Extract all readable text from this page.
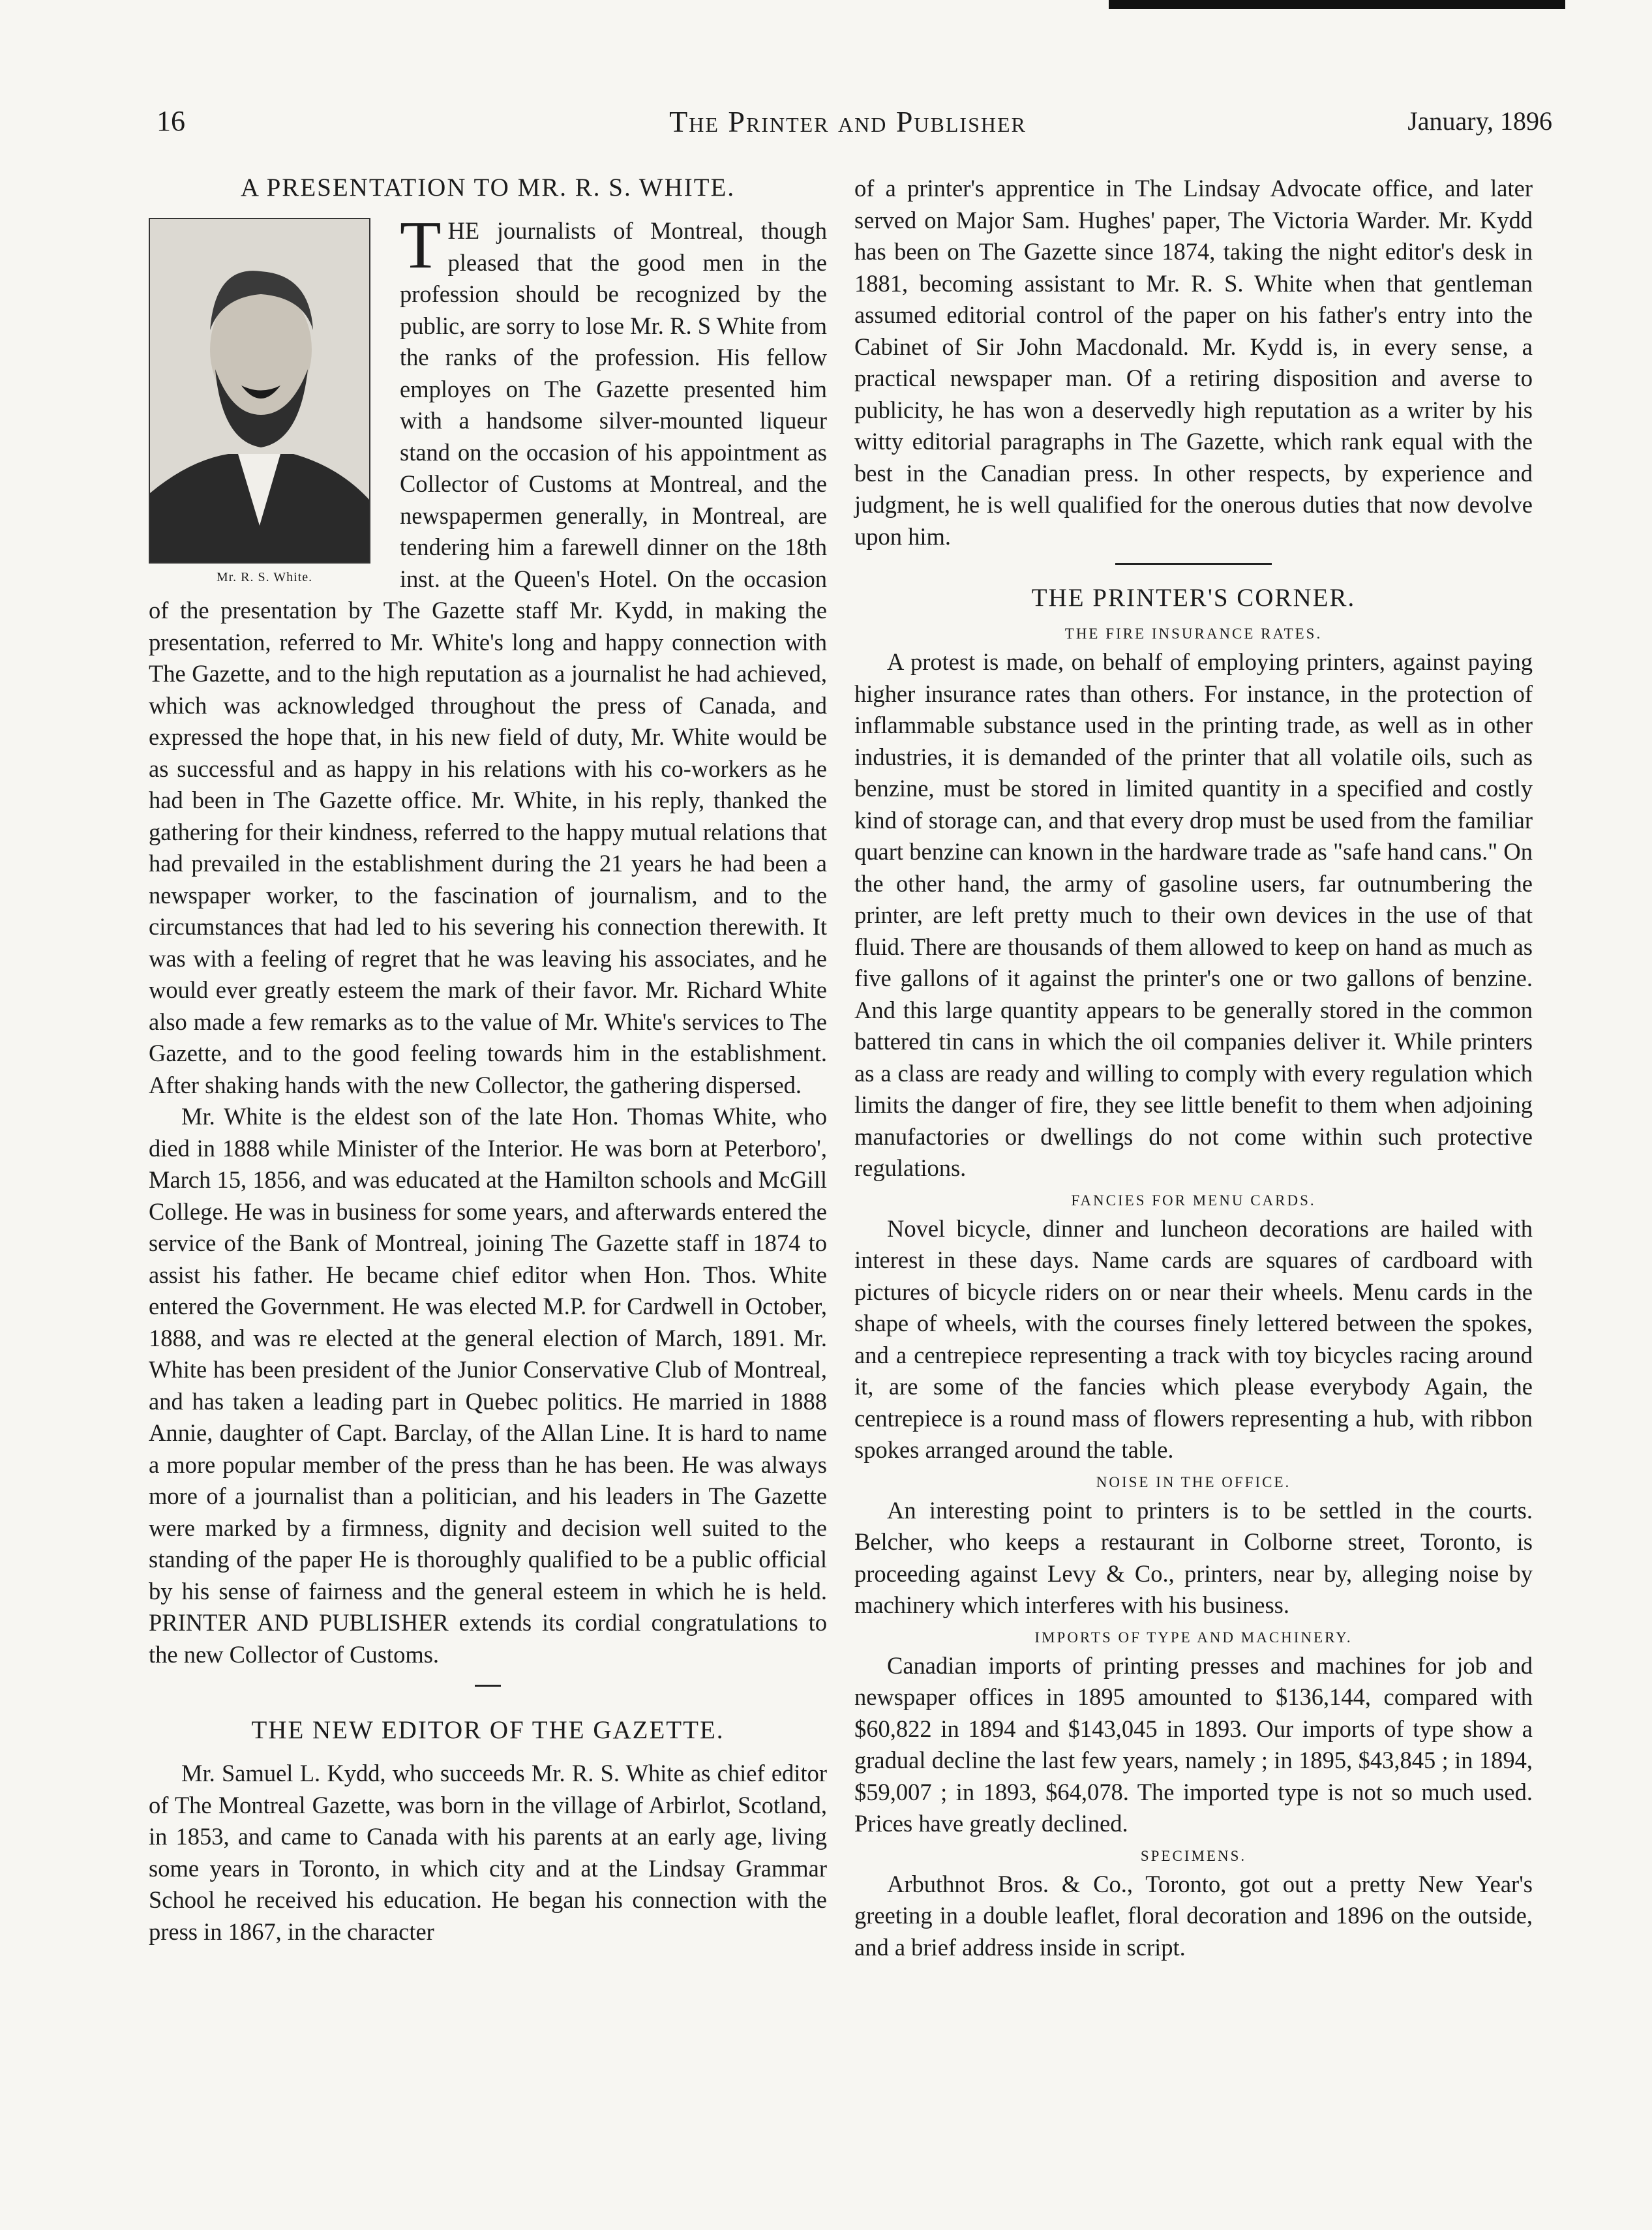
16	The Printer and Publisher	January, 1896
A PRESENTATION TO MR. R. S. WHITE.
Mr. R. S. White.

THE journalists of Montreal, though pleased that the good men in the profession should be recognized by the public, are sorry to lose Mr. R. S White from the ranks of the profession. His fellow employes on The Gazette presented him with a handsome silver-mounted liqueur stand on the occasion of his appointment as Collector of Customs at Montreal, and the newspapermen generally, in Montreal, are tendering him a farewell dinner on the 18th inst. at the Queen's Hotel. On the occasion of the presentation by The Gazette staff Mr. Kydd, in making the presentation, referred to Mr. White's long and happy connection with The Gazette, and to the high reputation as a journalist he had achieved, which was acknowledged throughout the press of Canada, and expressed the hope that, in his new field of duty, Mr. White would be as successful and as happy in his relations with his co-workers as he had been in The Gazette office. Mr. White, in his reply, thanked the gathering for their kindness, referred to the happy mutual relations that had prevailed in the establishment during the 21 years he had been a newspaper worker, to the fascination of journalism, and to the circumstances that had led to his severing his connection therewith. It was with a feeling of regret that he was leaving his associates, and he would ever greatly esteem the mark of their favor. Mr. Richard White also made a few remarks as to the value of Mr. White's services to The Gazette, and to the good feeling towards him in the establishment. After shaking hands with the new Collector, the gathering dispersed.

Mr. White is the eldest son of the late Hon. Thomas White, who died in 1888 while Minister of the Interior. He was born at Peterboro', March 15, 1856, and was educated at the Hamilton schools and McGill College. He was in business for some years, and afterwards entered the service of the Bank of Montreal, joining The Gazette staff in 1874 to assist his father. He became chief editor when Hon. Thos. White entered the Government. He was elected M.P. for Cardwell in October, 1888, and was re elected at the general election of March, 1891. Mr. White has been president of the Junior Conservative Club of Montreal, and has taken a leading part in Quebec politics. He married in 1888 Annie, daughter of Capt. Barclay, of the Allan Line. It is hard to name a more popular member of the press than he has been. He was always more of a journalist than a politician, and his leaders in The Gazette were marked by a firmness, dignity and decision well suited to the standing of the paper He is thoroughly qualified to be a public official by his sense of fairness and the general esteem in which he is held. PRINTER AND PUBLISHER extends its cordial congratulations to the new Collector of Customs.

THE NEW EDITOR OF THE GAZETTE.

Mr. Samuel L. Kydd, who succeeds Mr. R. S. White as chief editor of The Montreal Gazette, was born in the village of Arbirlot, Scotland, in 1853, and came to Canada with his parents at an early age, living some years in Toronto, in which city and at the Lindsay Grammar School he received his education. He began his connection with the press in 1867, in the character

of a printer's apprentice in The Lindsay Advocate office, and later served on Major Sam. Hughes' paper, The Victoria Warder. Mr. Kydd has been on The Gazette since 1874, taking the night editor's desk in 1881, becoming assistant to Mr. R. S. White when that gentleman assumed editorial control of the paper on his father's entry into the Cabinet of Sir John Macdonald. Mr. Kydd is, in every sense, a practical newspaper man. Of a retiring disposition and averse to publicity, he has won a deservedly high reputation as a writer by his witty editorial paragraphs in The Gazette, which rank equal with the best in the Canadian press. In other respects, by experience and judgment, he is well qualified for the onerous duties that now devolve upon him.

THE PRINTER'S CORNER.
THE FIRE INSURANCE RATES.

A protest is made, on behalf of employing printers, against paying higher insurance rates than others. For instance, in the protection of inflammable substance used in the printing trade, as well as in other industries, it is demanded of the printer that all volatile oils, such as benzine, must be stored in limited quantity in a specified and costly kind of storage can, and that every drop must be used from the familiar quart benzine can known in the hardware trade as "safe hand cans." On the other hand, the army of gasoline users, far outnumbering the printer, are left pretty much to their own devices in the use of that fluid. There are thousands of them allowed to keep on hand as much as five gallons of it against the printer's one or two gallons of benzine. And this large quantity appears to be generally stored in the common battered tin cans in which the oil companies deliver it. While printers as a class are ready and willing to comply with every regulation which limits the danger of fire, they see little benefit to them when adjoining manufactories or dwellings do not come within such protective regulations.

FANCIES FOR MENU CARDS.

Novel bicycle, dinner and luncheon decorations are hailed with interest in these days. Name cards are squares of cardboard with pictures of bicycle riders on or near their wheels. Menu cards in the shape of wheels, with the courses finely lettered between the spokes, and a centrepiece representing a track with toy bicycles racing around it, are some of the fancies which please everybody Again, the centrepiece is a round mass of flowers representing a hub, with ribbon spokes arranged around the table.

NOISE IN THE OFFICE.

An interesting point to printers is to be settled in the courts. Belcher, who keeps a restaurant in Colborne street, Toronto, is proceeding against Levy & Co., printers, near by, alleging noise by machinery which interferes with his business.

IMPORTS OF TYPE AND MACHINERY.

Canadian imports of printing presses and machines for job and newspaper offices in 1895 amounted to $136,144, compared with $60,822 in 1894 and $143,045 in 1893. Our imports of type show a gradual decline the last few years, namely ; in 1895, $43,845 ; in 1894, $59,007 ; in 1893, $64,078. The imported type is not so much used. Prices have greatly declined.

SPECIMENS.

Arbuthnot Bros. & Co., Toronto, got out a pretty New Year's greeting in a double leaflet, floral decoration and 1896 on the outside, and a brief address inside in script.
